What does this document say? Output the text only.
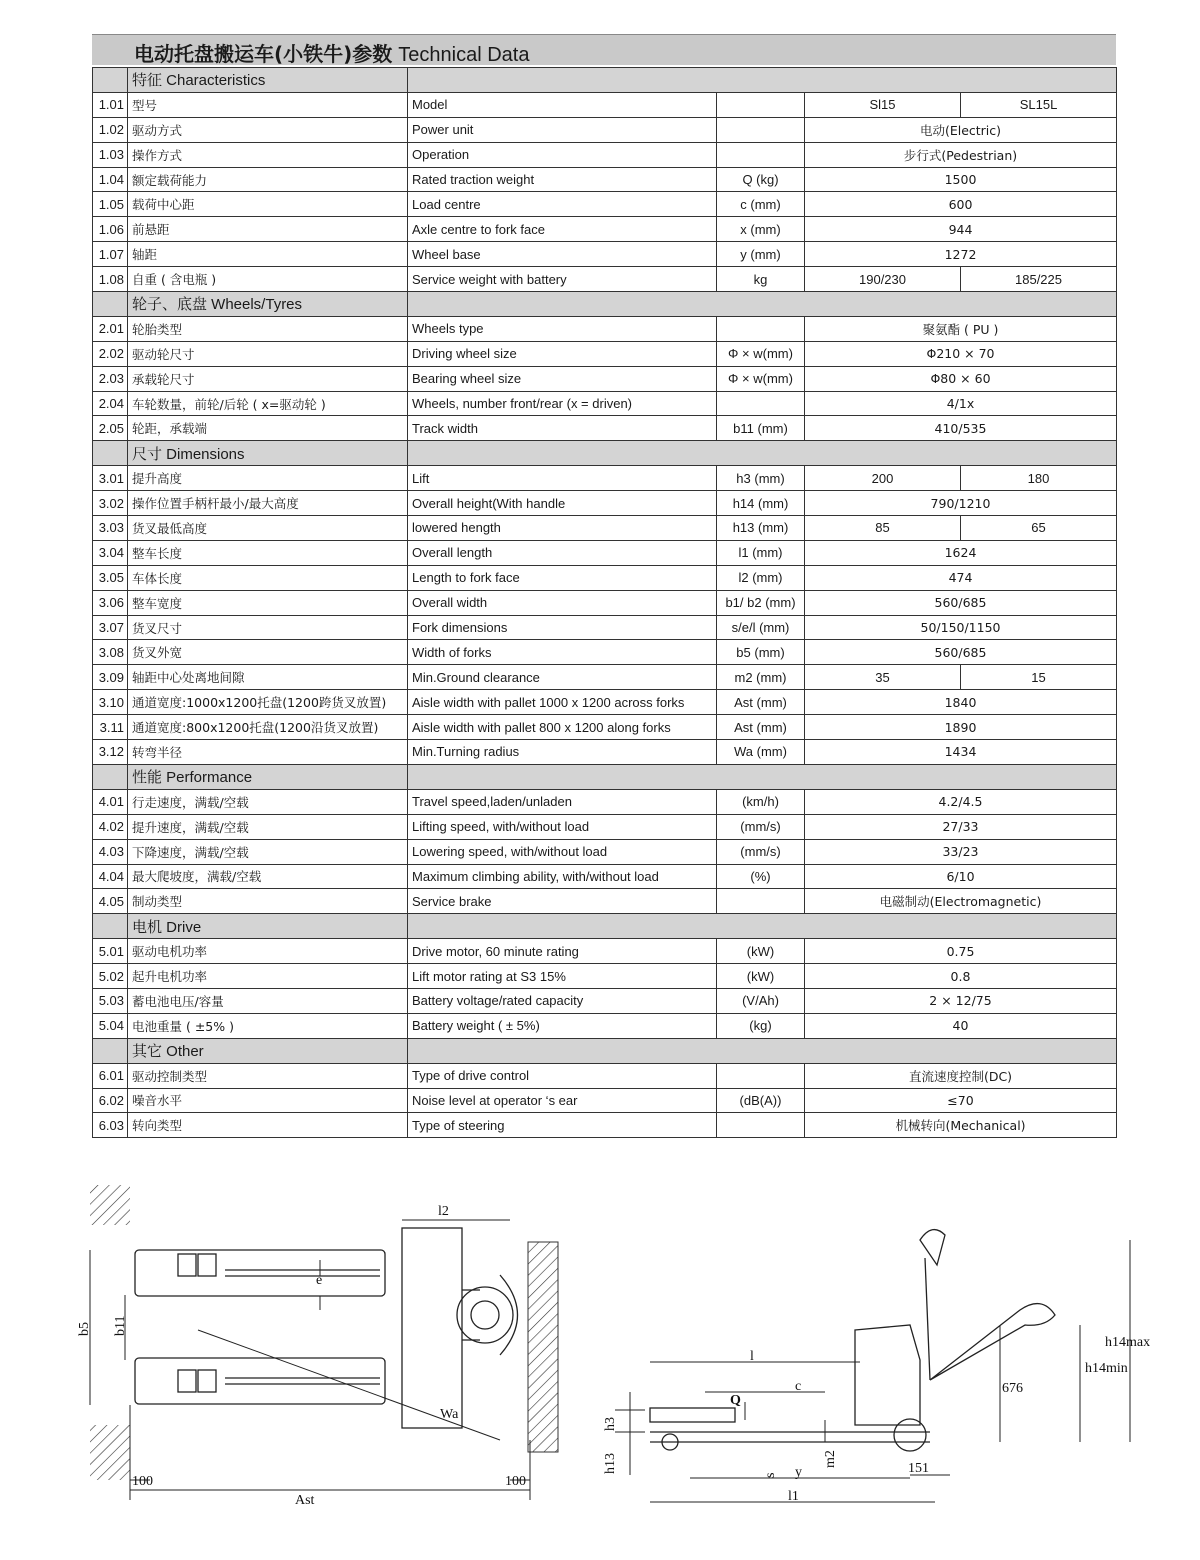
电动托盘搬运车(小铁牛)参数 Technical Data
	特征 Characteristics				
1.01	型号	Model		Sl15	SL15L
1.02	驱动方式	Power unit		电动(Electric)	
1.03	操作方式	Operation		步行式(Pedestrian)	
1.04	额定载荷能力	Rated traction weight	Q (kg)	1500	
1.05	载荷中心距	Load centre	c (mm)	600	
1.06	前悬距	Axle centre to fork face	x (mm)	944	
1.07	轴距	Wheel base	y (mm)	1272	
1.08	自重 ( 含电瓶 )	Service weight with battery	kg	190/230	185/225
	轮子、底盘 Wheels/Tyres				
2.01	轮胎类型	Wheels type		聚氨酯 ( PU )	
2.02	驱动轮尺寸	Driving wheel size	Φ × w(mm)	Φ210 × 70	
2.03	承载轮尺寸	Bearing wheel size	Φ × w(mm)	Φ80 × 60	
2.04	车轮数量，前轮/后轮 ( x=驱动轮 )	Wheels, number front/rear (x = driven)		4/1x	
2.05	轮距，承载端	Track width	b11 (mm)	410/535	
	尺寸 Dimensions				
3.01	提升高度	Lift	h3 (mm)	200	180
3.02	操作位置手柄杆最小/最大高度	Overall height(With handle	h14 (mm)	790/1210	
3.03	货叉最低高度	lowered hength	h13 (mm)	85	65
3.04	整车长度	Overall length	l1 (mm)	1624	
3.05	车体长度	Length to fork face	l2 (mm)	474	
3.06	整车宽度	Overall width	b1/ b2 (mm)	560/685	
3.07	货叉尺寸	Fork dimensions	s/e/l (mm)	50/150/1150	
3.08	货叉外宽	Width of forks	b5 (mm)	560/685	
3.09	轴距中心处离地间隙	Min.Ground clearance	m2 (mm)	35	15
3.10	通道宽度:1000x1200托盘(1200跨货叉放置)	Aisle width with pallet 1000 x 1200 across forks	Ast (mm)	1840	
3.11	通道宽度:800x1200托盘(1200沿货叉放置)	Aisle width with pallet 800 x 1200 along forks	Ast (mm)	1890	
3.12	转弯半径	Min.Turning radius	Wa (mm)	1434	
	性能 Performance				
4.01	行走速度，满载/空载	Travel speed,laden/unladen	(km/h)	4.2/4.5	
4.02	提升速度，满载/空载	Lifting speed, with/without load	(mm/s)	27/33	
4.03	下降速度，满载/空载	Lowering speed, with/without load	(mm/s)	33/23	
4.04	最大爬坡度，满载/空载	Maximum climbing ability, with/without load	(%)	6/10	
4.05	制动类型	Service brake		电磁制动(Electromagnetic)	
	电机 Drive				
5.01	驱动电机功率	Drive motor, 60 minute rating	(kW)	0.75	
5.02	起升电机功率	Lift motor rating at S3 15%	(kW)	0.8	
5.03	蓄电池电压/容量	Battery voltage/rated capacity	(V/Ah)	2 × 12/75	
5.04	电池重量 ( ±5% )	Battery weight ( ± 5%)	(kg)	40	
	其它 Other				
6.01	驱动控制类型	Type of drive control		直流速度控制(DC)	
6.02	噪音水平	Noise level at operator ‘s ear	(dB(A))	≤70	
6.03	转向类型	Type of steering		机械转向(Mechanical)	
l2
e
b5 b11
Wa
100	100
Ast
l
Q
c
h3
h13
s
m2
y
l1
151
676
h14min
h14max
